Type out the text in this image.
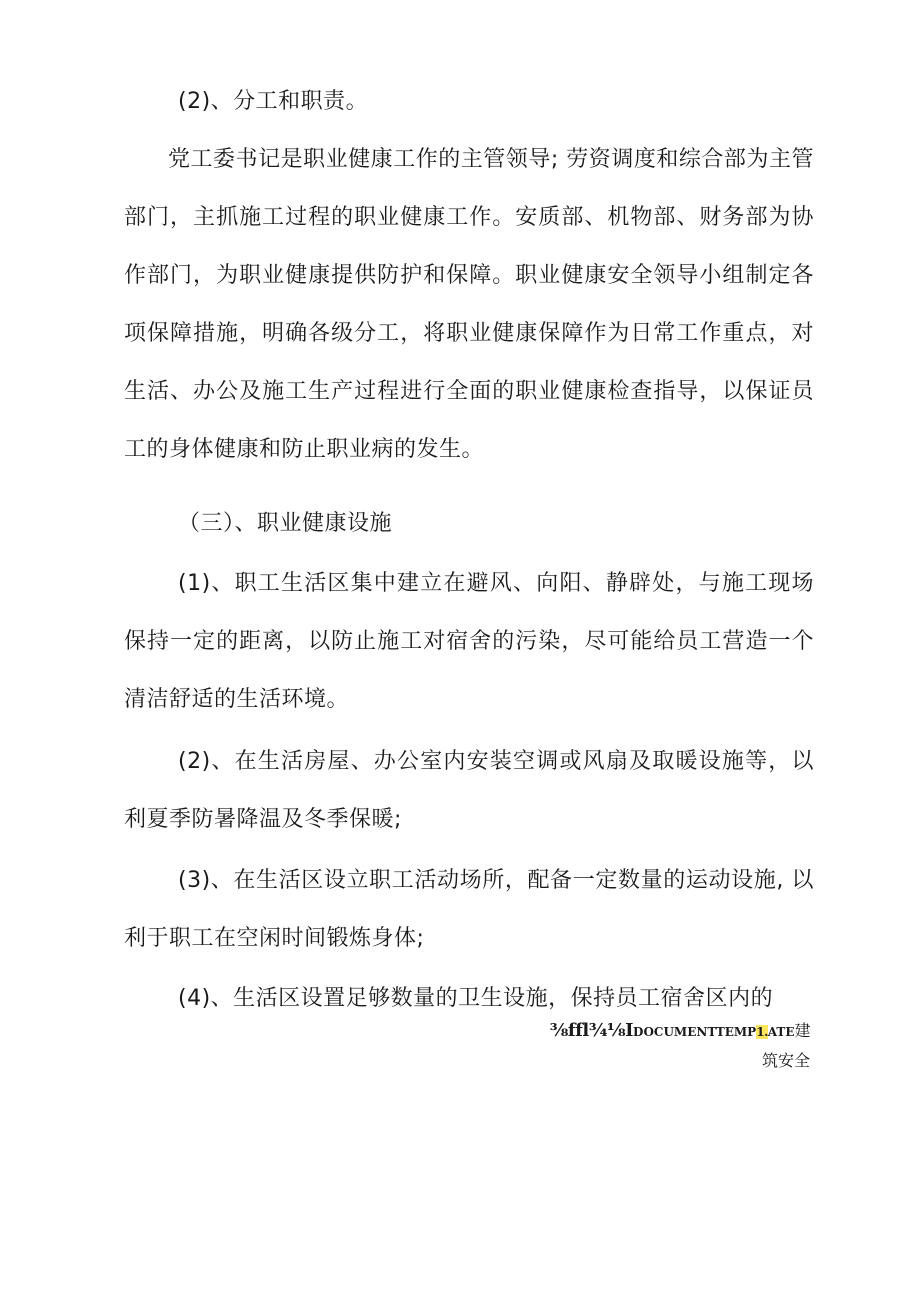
(2)、分工和职责。

党工委书记是职业健康工作的主管领导; 劳资调度和综合部为主管部门，主抓施工过程的职业健康工作。安质部、机物部、财务部为协作部门，为职业健康提供防护和保障。职业健康安全领导小组制定各项保障措施，明确各级分工，将职业健康保障作为日常工作重点，对生活、办公及施工生产过程进行全面的职业健康检查指导，以保证员工的身体健康和防止职业病的发生。

（三）、职业健康设施

(1)、职工生活区集中建立在避风、向阳、静辟处，与施工现场保持一定的距离，以防止施工对宿舍的污染，尽可能给员工营造一个清洁舒适的生活环境。

(2)、在生活房屋、办公室内安装空调或风扇及取暖设施等，以利夏季防暑降温及冬季保暖;

(3)、在生活区设立职工活动场所，配备一定数量的运动设施, 以利于职工在空闲时间锻炼身体;

(4)、生活区设置足够数量的卫生设施，保持员工宿舍区内的

⅜ffl¾⅛IDOCUMENTTEMP1.ATE建
筑安全
